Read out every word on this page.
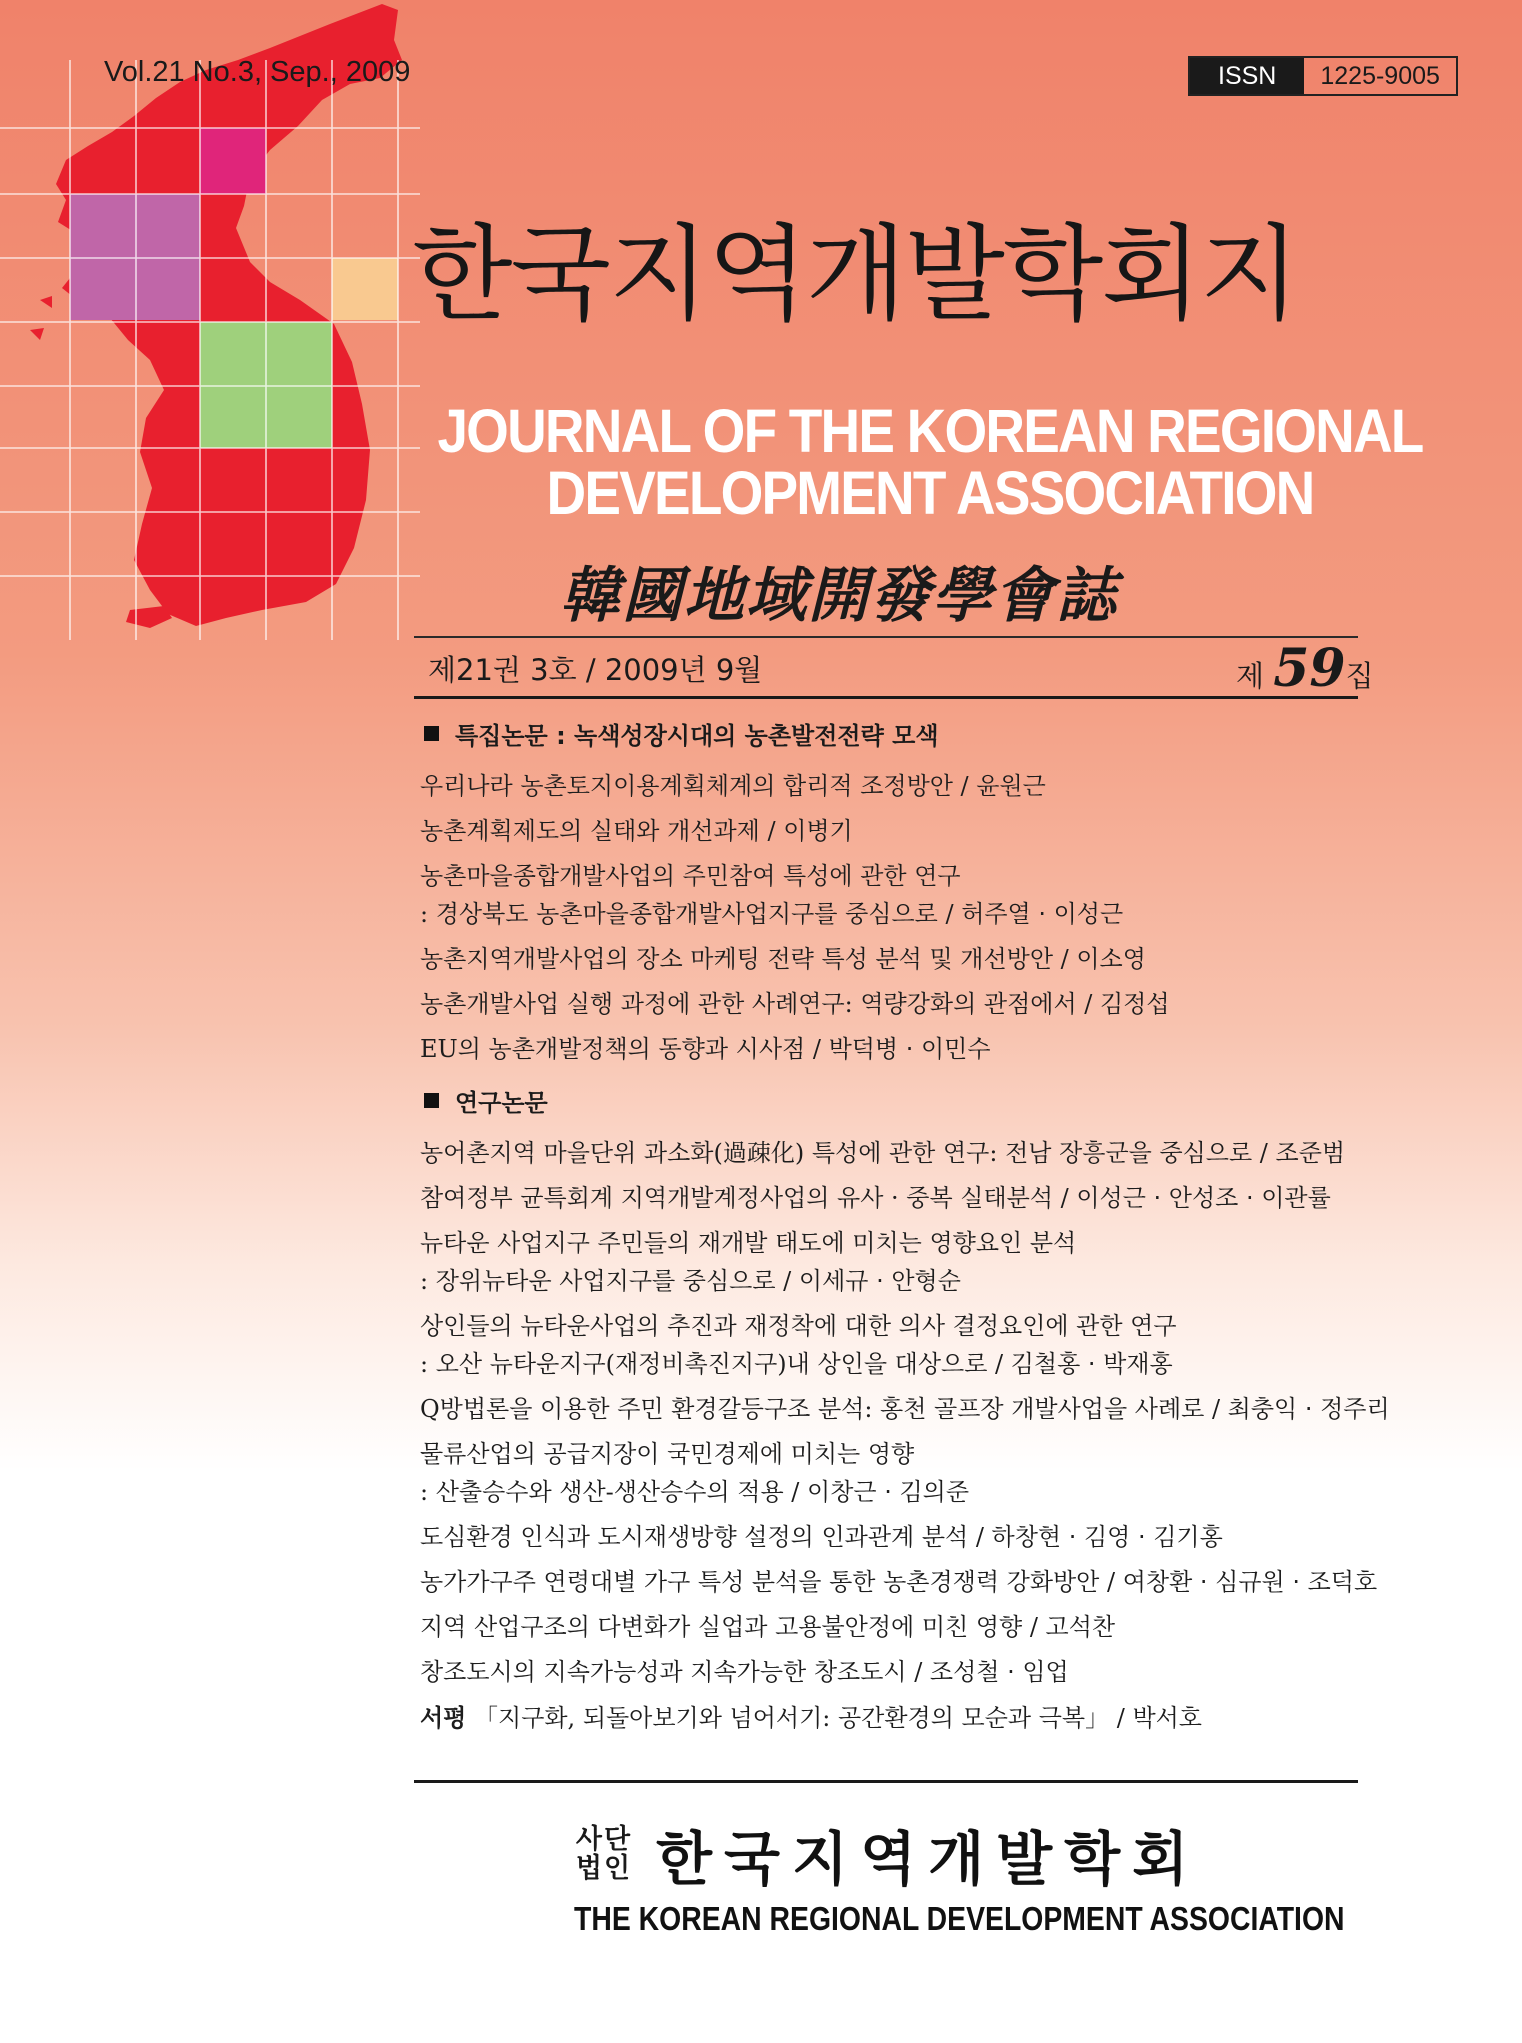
Vol.21 No.3, Sep., 2009	ISSN	1225-9005
한국지역개발학회지
JOURNAL OF THE KOREAN REGIONAL
DEVELOPMENT ASSOCIATION
韓國地域開發學會誌
제21권 3호 / 2009년 9월	제 59집
특집논문 : 녹색성장시대의 농촌발전전략 모색
우리나라 농촌토지이용계획체계의 합리적 조정방안 / 윤원근
농촌계획제도의 실태와 개선과제 / 이병기
농촌마을종합개발사업의 주민참여 특성에 관한 연구
: 경상북도 농촌마을종합개발사업지구를 중심으로 / 허주열 · 이성근
농촌지역개발사업의 장소 마케팅 전략 특성 분석 및 개선방안 / 이소영
농촌개발사업 실행 과정에 관한 사례연구: 역량강화의 관점에서 / 김정섭
EU의 농촌개발정책의 동향과 시사점 / 박덕병 · 이민수
연구논문
농어촌지역 마을단위 과소화(過疎化) 특성에 관한 연구: 전남 장흥군을 중심으로 / 조준범
참여정부 균특회계 지역개발계정사업의 유사 · 중복 실태분석 / 이성근 · 안성조 · 이관률
뉴타운 사업지구 주민들의 재개발 태도에 미치는 영향요인 분석
: 장위뉴타운 사업지구를 중심으로 / 이세규 · 안형순
상인들의 뉴타운사업의 추진과 재정착에 대한 의사 결정요인에 관한 연구
: 오산 뉴타운지구(재정비촉진지구)내 상인을 대상으로 / 김철홍 · 박재홍
Q방법론을 이용한 주민 환경갈등구조 분석: 홍천 골프장 개발사업을 사례로 / 최충익 · 정주리
물류산업의 공급지장이 국민경제에 미치는 영향
: 산출승수와 생산-생산승수의 적용 / 이창근 · 김의준
도심환경 인식과 도시재생방향 설정의 인과관계 분석 / 하창현 · 김영 · 김기홍
농가가구주 연령대별 가구 특성 분석을 통한 농촌경쟁력 강화방안 / 여창환 · 심규원 · 조덕호
지역 산업구조의 다변화가 실업과 고용불안정에 미친 영향 / 고석찬
창조도시의 지속가능성과 지속가능한 창조도시 / 조성철 · 임업
서평 「지구화, 되돌아보기와 넘어서기: 공간환경의 모순과 극복」 / 박서호
사단
법인 한국지역개발학회
THE KOREAN REGIONAL DEVELOPMENT ASSOCIATION
